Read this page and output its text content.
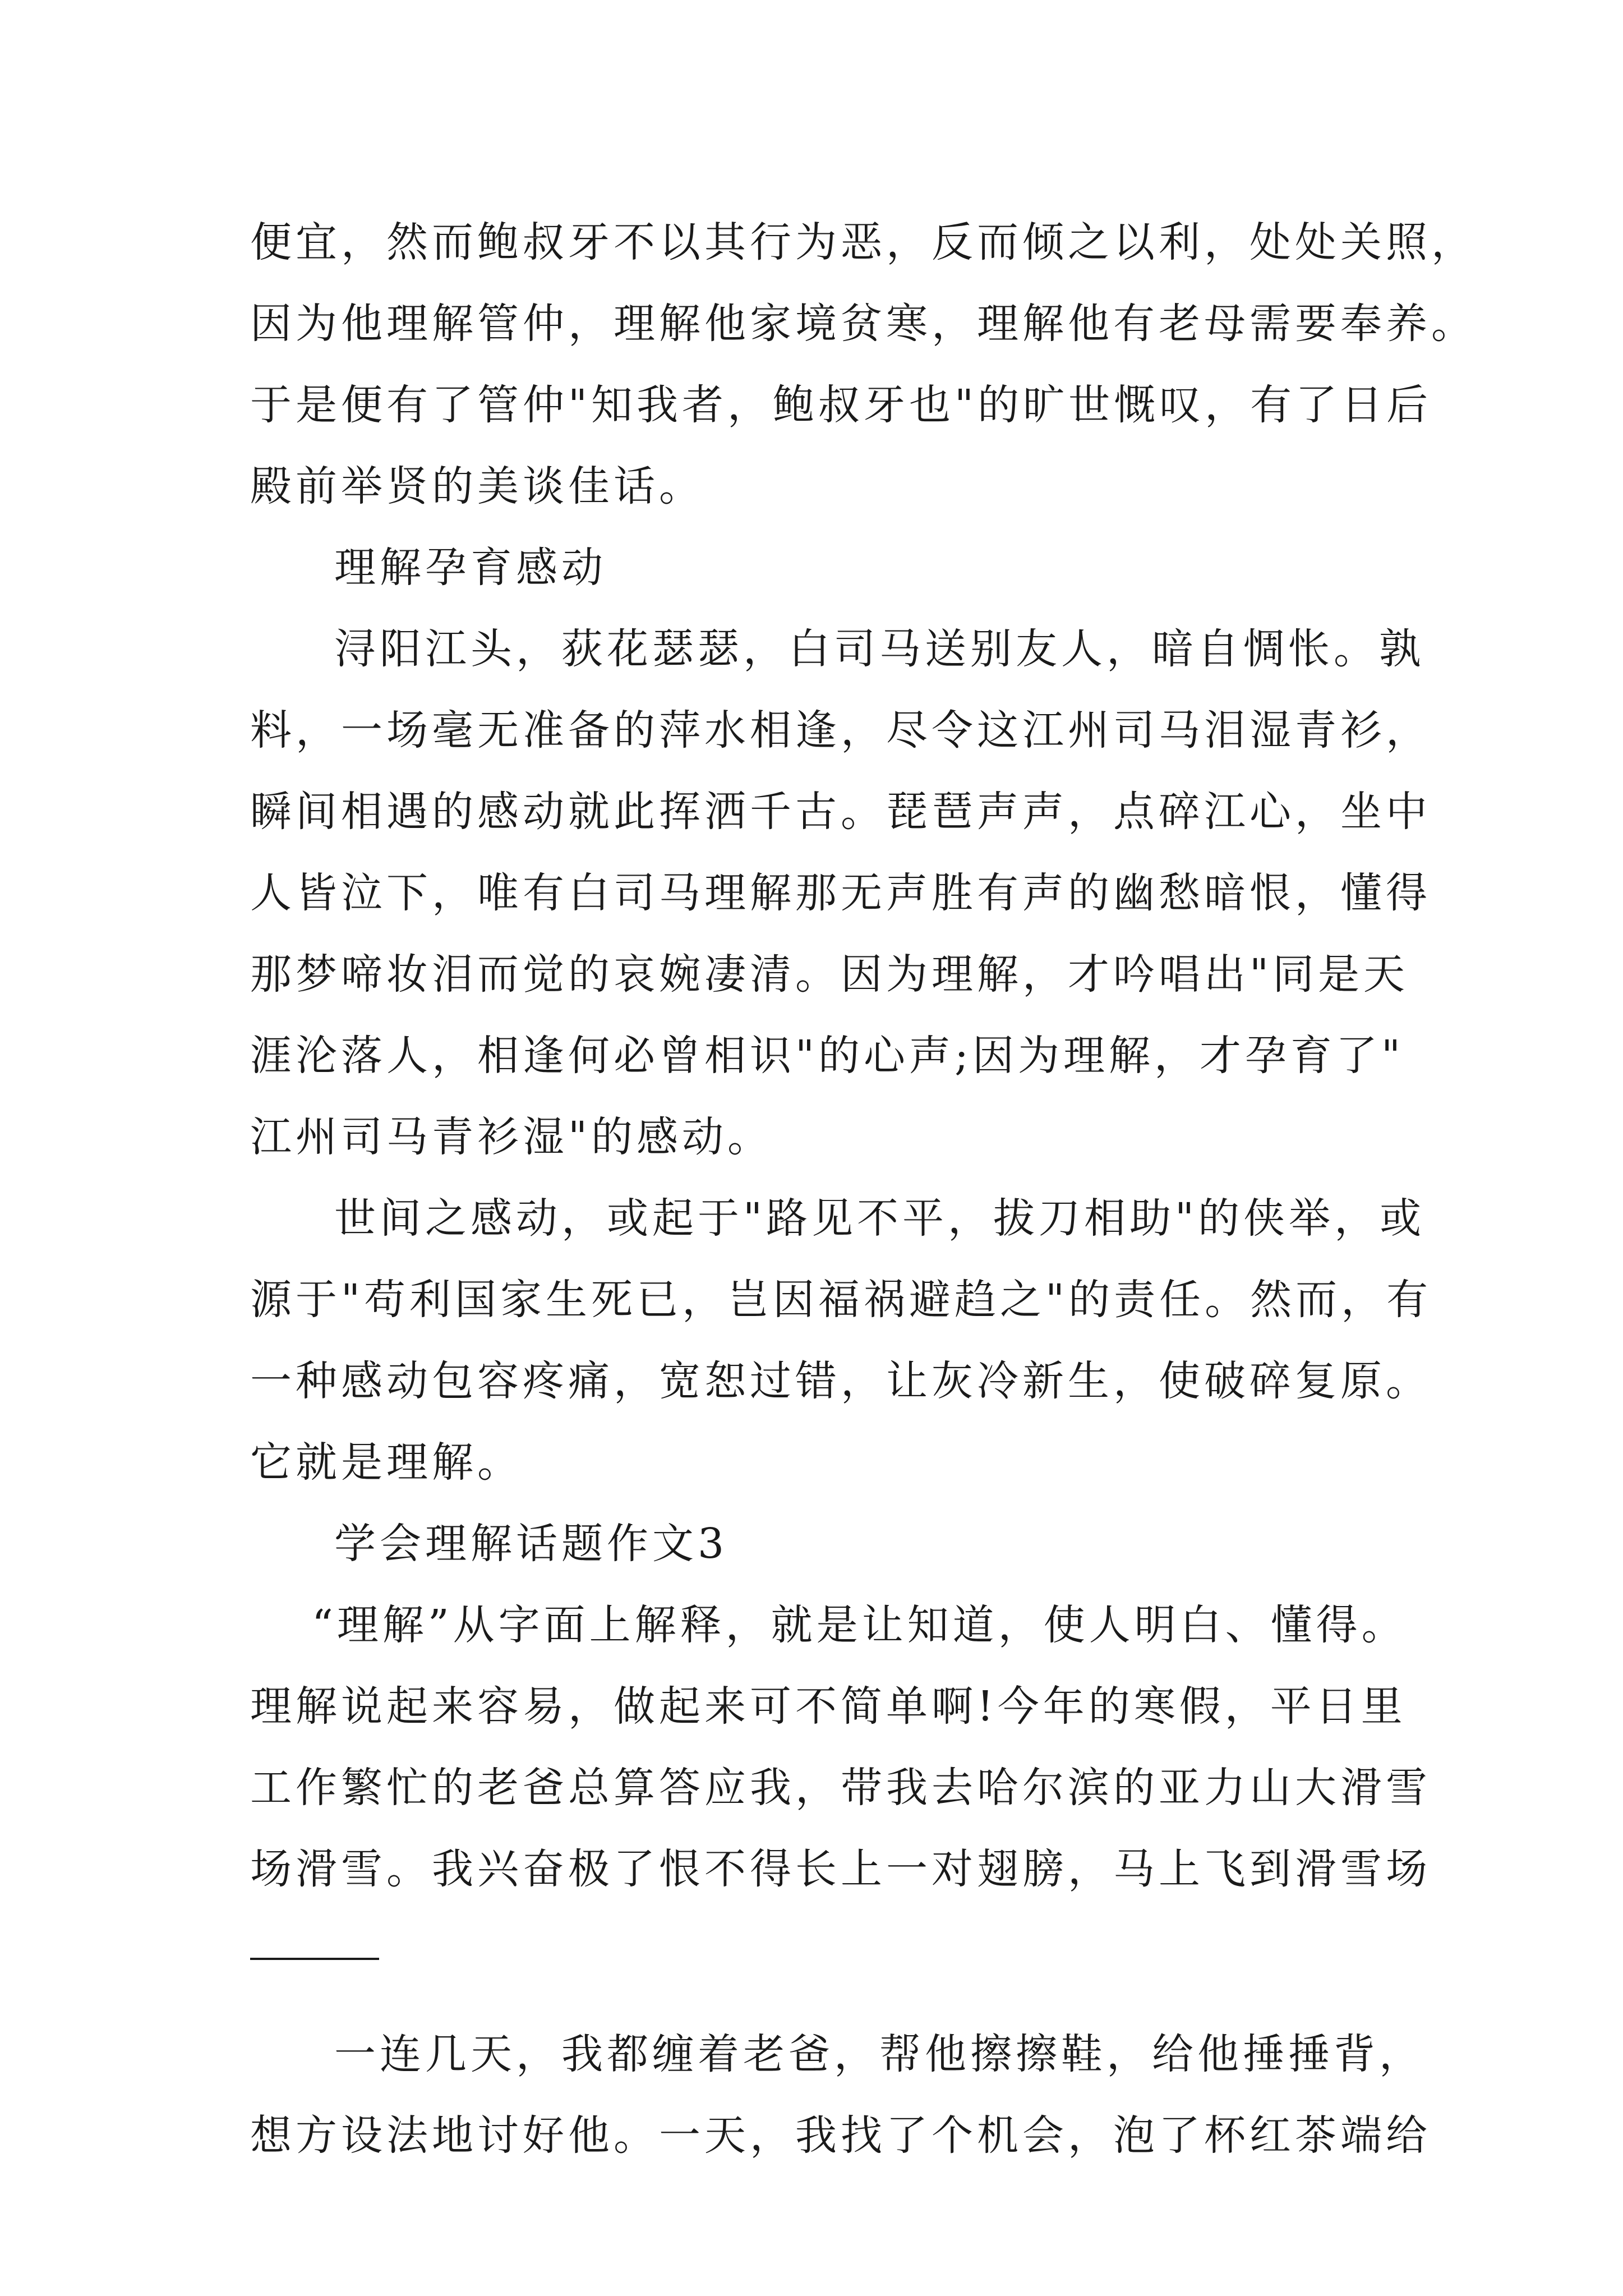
便宜，然而鲍叔牙不以其行为恶，反而倾之以利，处处关照，
因为他理解管仲，理解他家境贫寒，理解他有老母需要奉养。
于是便有了管仲"知我者，鲍叔牙也"的旷世慨叹，有了日后
殿前举贤的美谈佳话。
理解孕育感动
浔阳江头，荻花瑟瑟，白司马送别友人，暗自惆怅。孰
料，一场毫无准备的萍水相逢，尽令这江州司马泪湿青衫，
瞬间相遇的感动就此挥洒千古。琵琶声声，点碎江心，坐中
人皆泣下，唯有白司马理解那无声胜有声的幽愁暗恨，懂得
那梦啼妆泪而觉的哀婉凄清。因为理解，才吟唱出"同是天
涯沦落人，相逢何必曾相识"的心声;因为理解，才孕育了"
江州司马青衫湿"的感动。
世间之感动，或起于"路见不平，拔刀相助"的侠举，或
源于"苟利国家生死已，岂因福祸避趋之"的责任。然而，有
一种感动包容疼痛，宽恕过错，让灰冷新生，使破碎复原。
它就是理解。
学会理解话题作文3
“理解”从字面上解释，就是让知道，使人明白、懂得。
理解说起来容易，做起来可不简单啊!今年的寒假，平日里
工作繁忙的老爸总算答应我，带我去哈尔滨的亚力山大滑雪
场滑雪。我兴奋极了恨不得长上一对翅膀，马上飞到滑雪场
一连几天，我都缠着老爸，帮他擦擦鞋，给他捶捶背，
想方设法地讨好他。一天，我找了个机会，泡了杯红茶端给
